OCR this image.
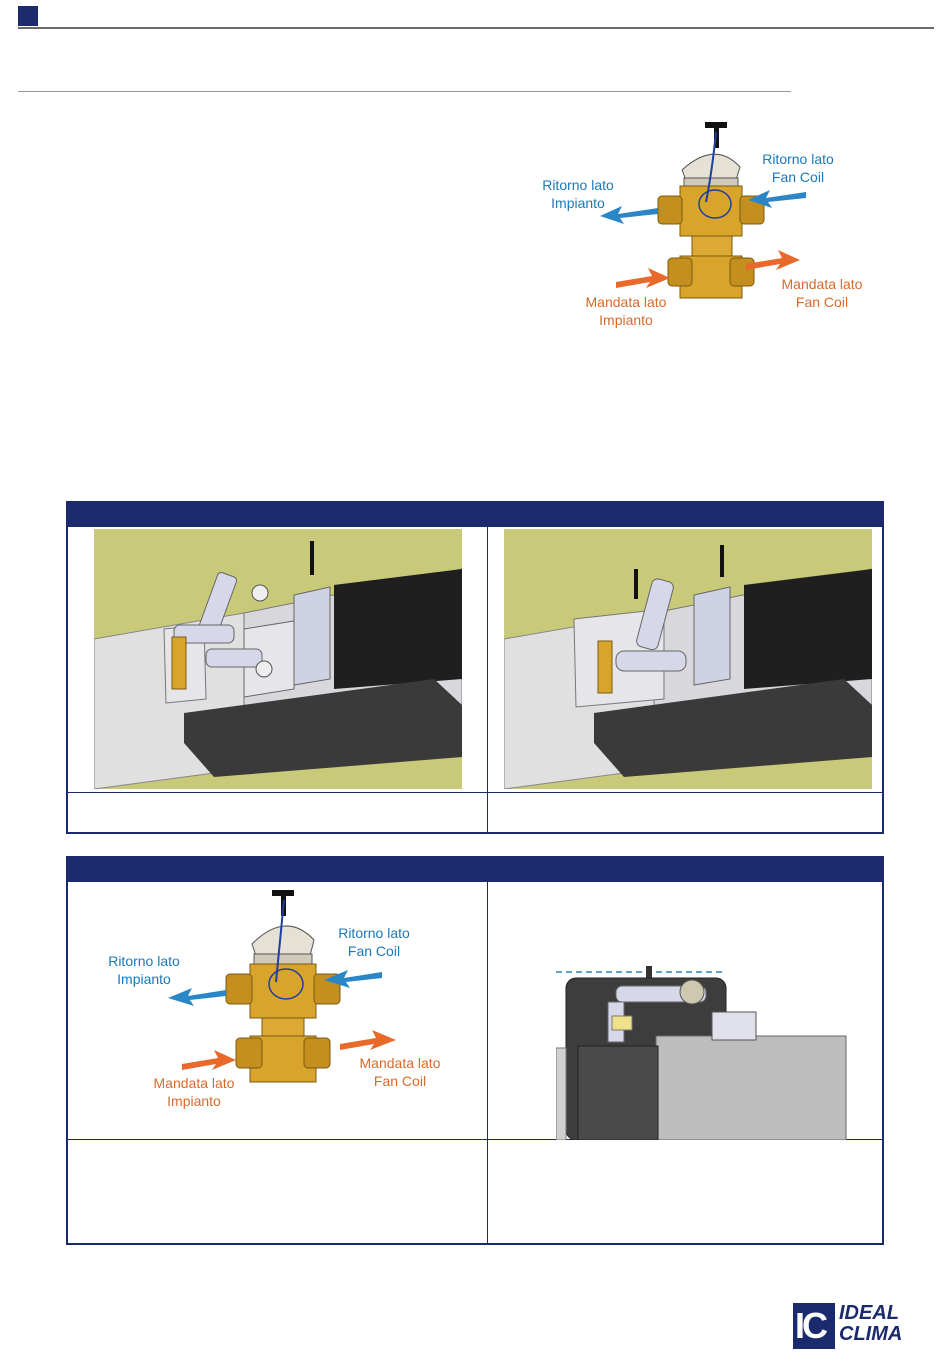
Ritorno lato
Impianto
Ritorno lato
Fan Coil
Mandata lato
Impianto
Mandata lato
Fan Coil
Ritorno lato
Impianto
Ritorno lato
Fan Coil
Mandata lato
Impianto
Mandata lato
Fan Coil
IC IDEAL
CLIMA
